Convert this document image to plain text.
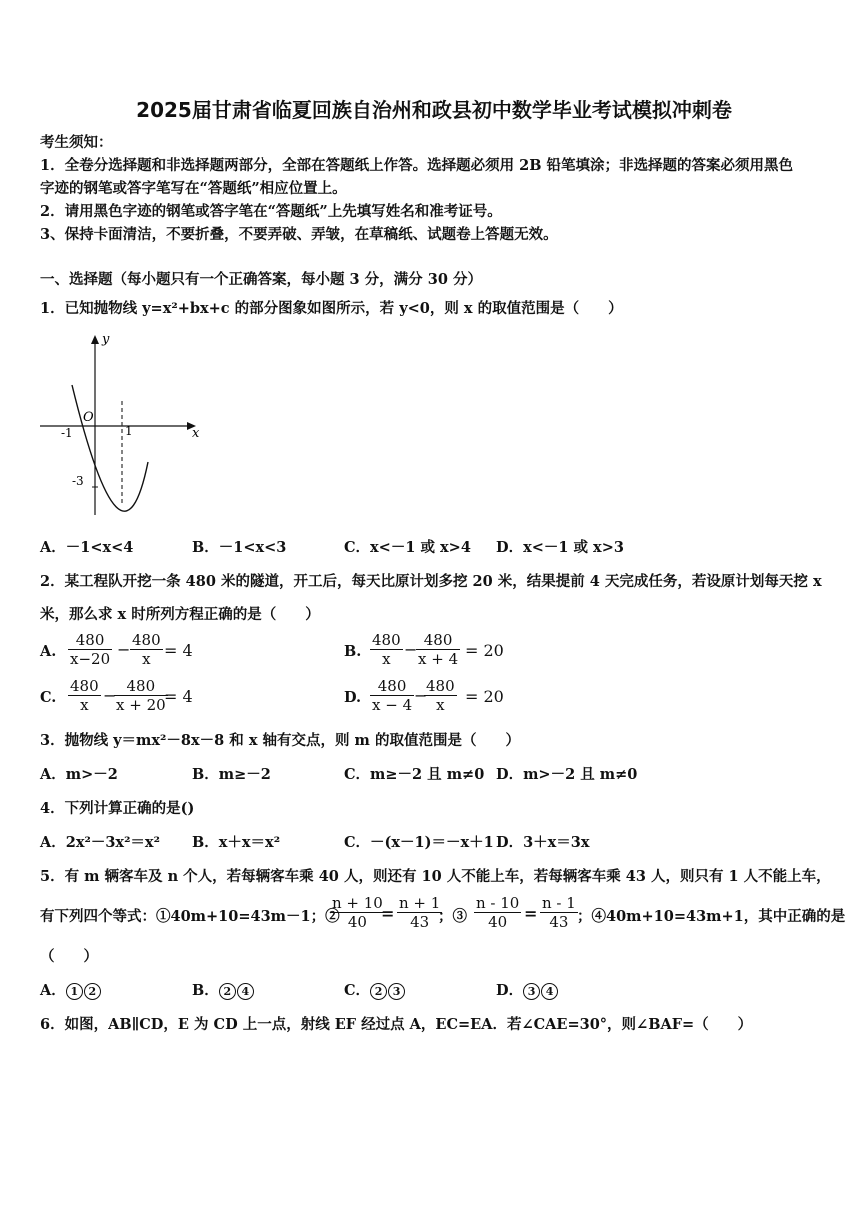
2025届甘肃省临夏回族自治州和政县初中数学毕业考试模拟冲刺卷
考生须知：
1．全卷分选择题和非选择题两部分，全部在答题纸上作答。选择题必须用 2B 铅笔填涂；非选择题的答案必须用黑色
字迹的钢笔或答字笔写在“答题纸”相应位置上。
2．请用黑色字迹的钢笔或答字笔在“答题纸”上先填写姓名和准考证号。
3、保持卡面清洁，不要折叠，不要弄破、弄皱，在草稿纸、试题卷上答题无效。
一、选择题（每小题只有一个正确答案，每小题 3 分，满分 30 分）
1．已知抛物线 y=x²+bx+c 的部分图象如图所示，若 y<0，则 x 的取值范围是（　　）
y
x
O
-1	1
-3
A．－1<x<4	B．－1<x<3	C．x<－1 或 x>4 D．x<－1 或 x>3
2．某工程队开挖一条 480 米的隧道，开工后，每天比原计划多挖 20 米，结果提前 4 天完成任务，若设原计划每天挖 x
米，那么求 x 时所列方程正确的是（　　）
A. $\frac{480}{x-20} - \frac{480}{x} = 4$	B. $\frac{480}{x}$ −
$\frac{480}{x + 4} = 20$
C. $\frac{480}{x}$ −
$\frac{480}{x + 20}$
= 4	D. $\frac{480}{x - 4}$ −
$\frac{480}{x} = 20$
3．抛物线 y＝mx²－8x－8 和 x 轴有交点，则 m 的取值范围是（　　）
A．m>－2	B．m≥－2	C．m≥－2 且 m≠0 D．m>－2 且 m≠0
4．下列计算正确的是()
A．2x²－3x²＝x² B．x＋x＝x²	C．－(x－1)＝－x＋1 D．3＋x＝3x
5．有 m 辆客车及 n 个人，若每辆客车乘 40 人，则还有 10 人不能上车，若每辆客车乘 43 人，则只有 1 人不能上车，
有下列四个等式：①40m+10=43m－1；②
$\frac{n + 10}{40}$
= $\frac{n + 1}{43}$
；③ $\frac{n - 10}{40} = \frac{n - 1}{43}$ ；④40m+10=43m+1，其中正确的是
（　　）
A． 1 2	B． 2 4	C． 2 3	D． 3 4
6．如图，AB∥CD，E 为 CD 上一点，射线 EF 经过点 A，EC=EA．若∠CAE=30°，则∠BAF=（　　）
